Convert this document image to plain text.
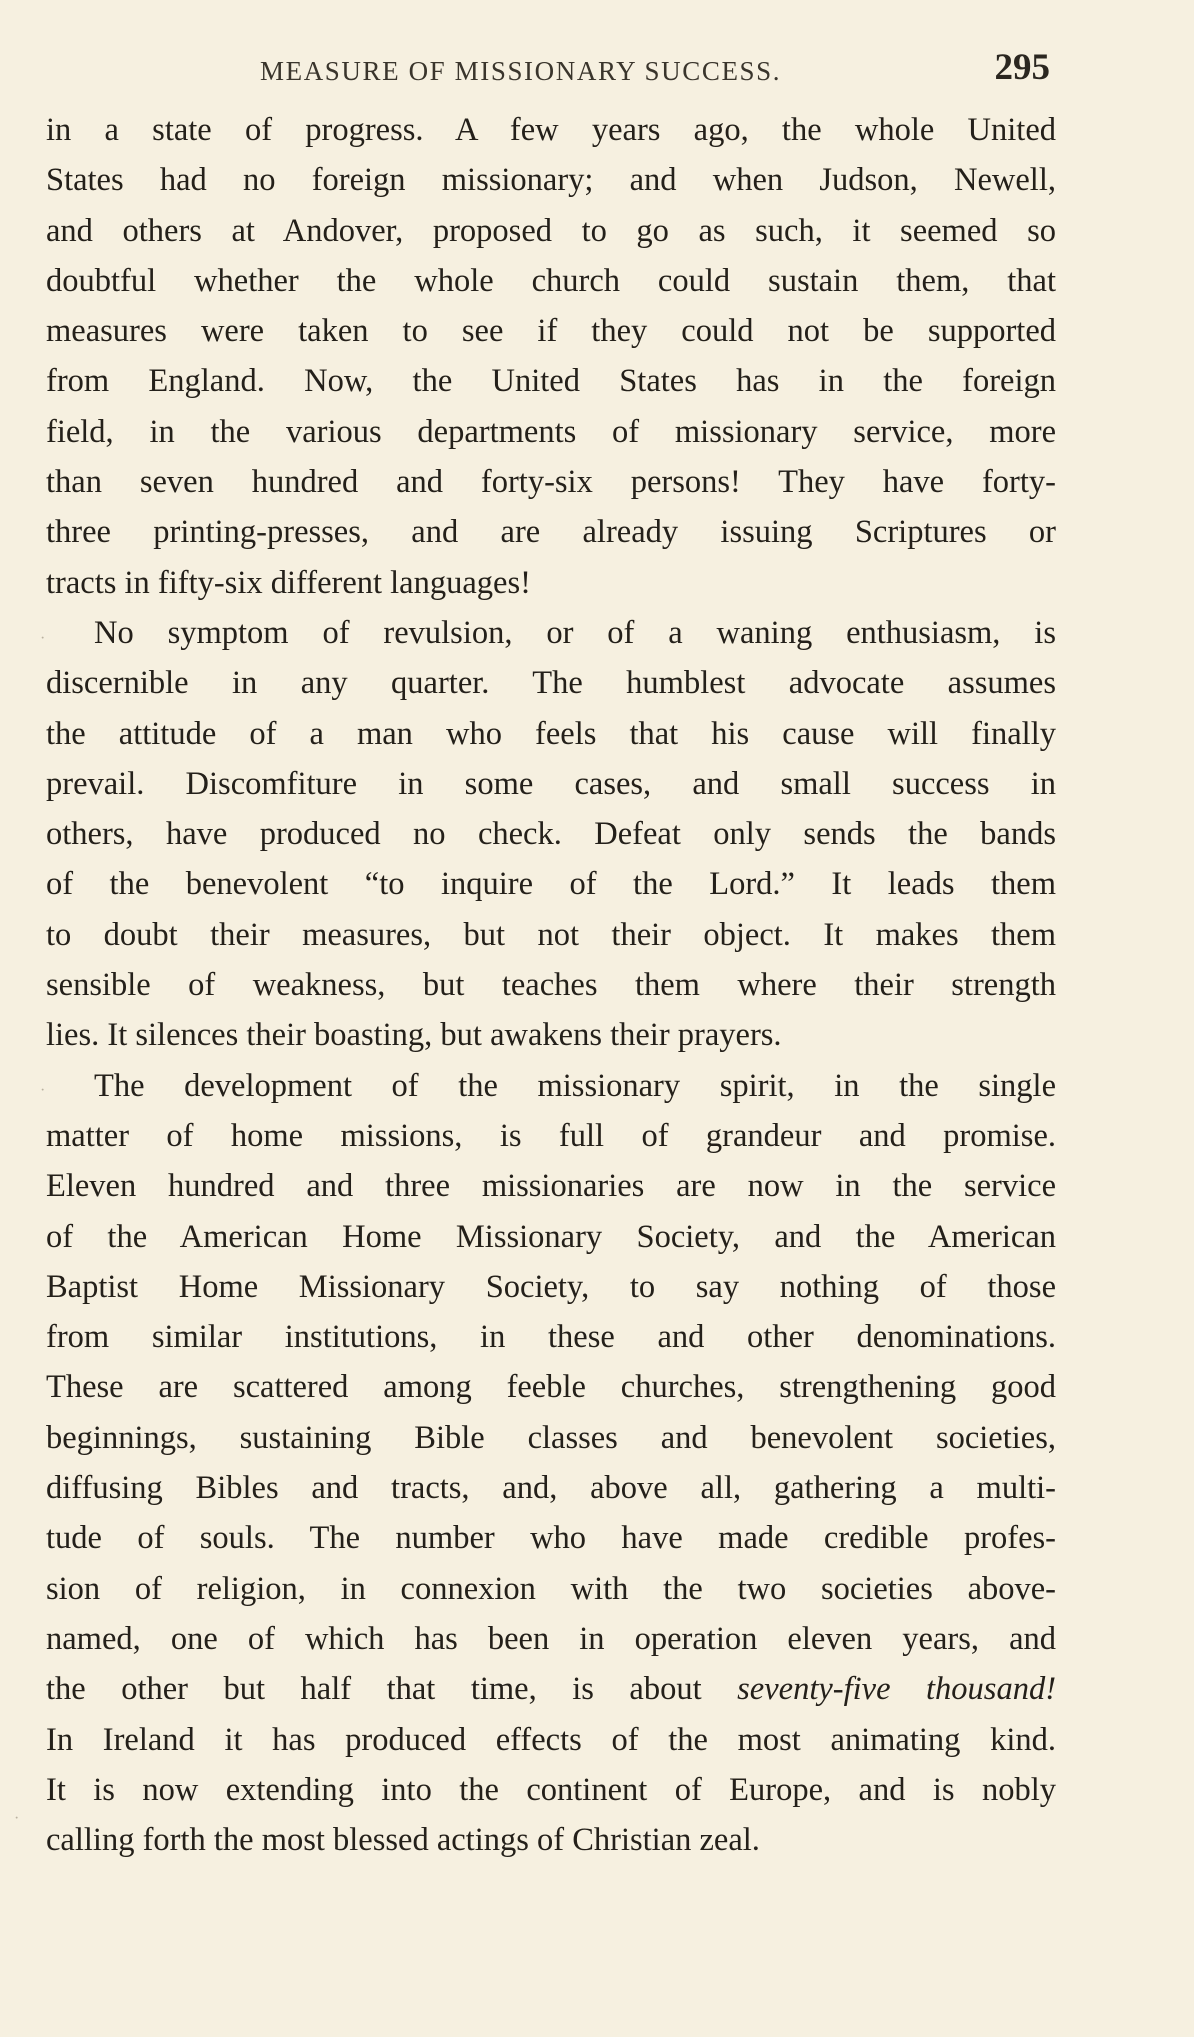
MEASURE OF MISSIONARY SUCCESS.	295
in a state of progress. A few years ago, the whole United
States had no foreign missionary; and when Judson, Newell,
and others at Andover, proposed to go as such, it seemed so
doubtful whether the whole church could sustain them, that
measures were taken to see if they could not be supported
from England. Now, the United States has in the foreign
field, in the various departments of missionary service, more
than seven hundred and forty-six persons! They have forty-
three printing-presses, and are already issuing Scriptures or
tracts in fifty-six different languages!
No symptom of revulsion, or of a waning enthusiasm, is
discernible in any quarter. The humblest advocate assumes
the attitude of a man who feels that his cause will finally
prevail. Discomfiture in some cases, and small success in
others, have produced no check. Defeat only sends the bands
of the benevolent “to inquire of the Lord.” It leads them
to doubt their measures, but not their object. It makes them
sensible of weakness, but teaches them where their strength
lies. It silences their boasting, but awakens their prayers.
The development of the missionary spirit, in the single
matter of home missions, is full of grandeur and promise.
Eleven hundred and three missionaries are now in the service
of the American Home Missionary Society, and the American
Baptist Home Missionary Society, to say nothing of those
from similar institutions, in these and other denominations.
These are scattered among feeble churches, strengthening good
beginnings, sustaining Bible classes and benevolent societies,
diffusing Bibles and tracts, and, above all, gathering a multi-
tude of souls. The number who have made credible profes-
sion of religion, in connexion with the two societies above-
named, one of which has been in operation eleven years, and
the other but half that time, is about seventy-five thousand!
In Ireland it has produced effects of the most animating kind.
It is now extending into the continent of Europe, and is nobly
calling forth the most blessed actings of Christian zeal.
·
·
·
